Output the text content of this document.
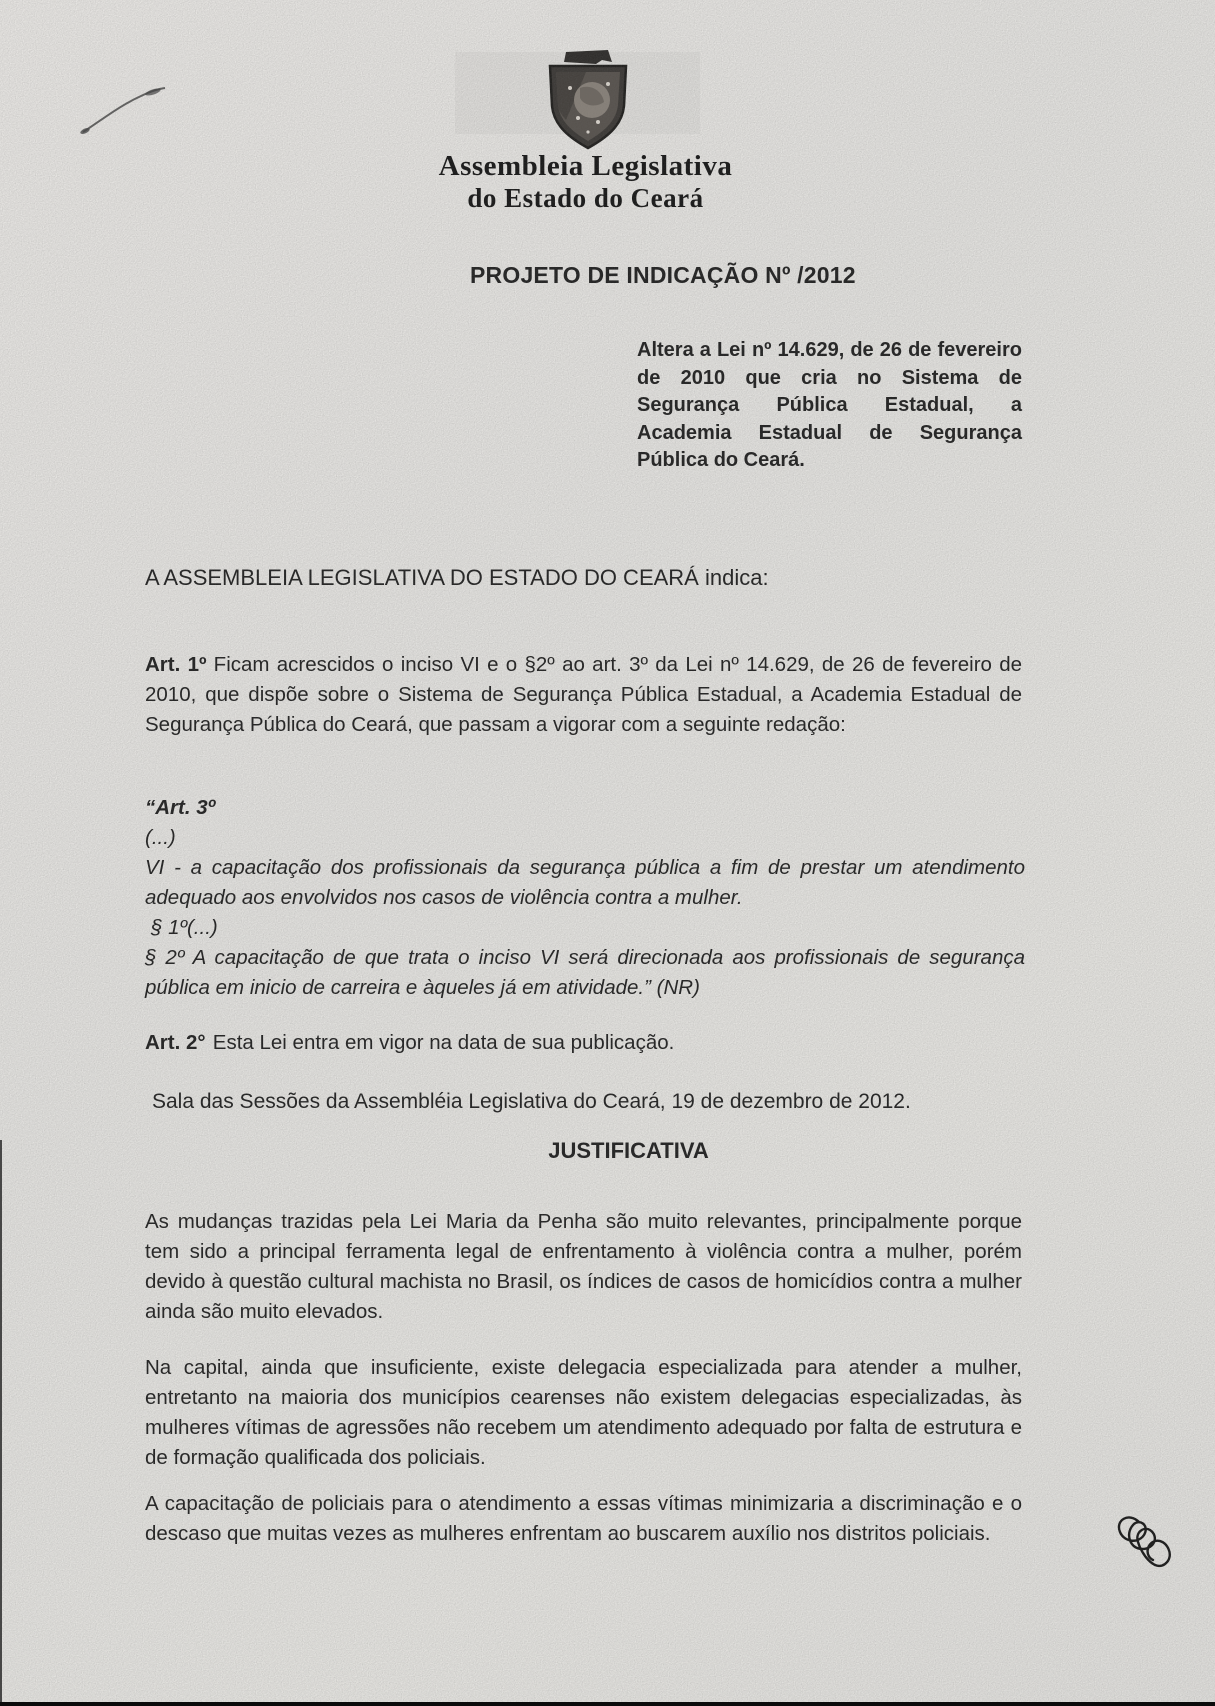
Assembleia Legislativa
do Estado do Ceará
PROJETO DE INDICAÇÃO Nº /2012
Altera a Lei nº 14.629, de 26 de fevereiro de 2010 que cria no Sistema de Segurança Pública Estadual, a Academia Estadual de Segurança Pública do Ceará.
A ASSEMBLEIA LEGISLATIVA DO ESTADO DO CEARÁ indica:

Art. 1º Ficam acrescidos o inciso VI e o §2º ao art. 3º da Lei nº 14.629, de 26 de fevereiro de 2010, que dispõe sobre o Sistema de Segurança Pública Estadual, a Academia Estadual de Segurança Pública do Ceará, que passam a vigorar com a seguinte redação:

“Art. 3º
(...)
VI - a capacitação dos profissionais da segurança pública a fim de prestar um atendimento adequado aos envolvidos nos casos de violência contra a mulher.
§ 1º(...)
§ 2º A capacitação de que trata o inciso VI será direcionada aos profissionais de segurança pública em inicio de carreira e àqueles já em atividade.” (NR)

Art. 2° Esta Lei entra em vigor na data de sua publicação.

Sala das Sessões da Assembléia Legislativa do Ceará, 19 de dezembro de 2012.
JUSTIFICATIVA

As mudanças trazidas pela Lei Maria da Penha são muito relevantes, principalmente porque tem sido a principal ferramenta legal de enfrentamento à violência contra a mulher, porém devido à questão cultural machista no Brasil, os índices de casos de homicídios contra a mulher ainda são muito elevados.

Na capital, ainda que insuficiente, existe delegacia especializada para atender a mulher, entretanto na maioria dos municípios cearenses não existem delegacias especializadas, às mulheres vítimas de agressões não recebem um atendimento adequado por falta de estrutura e de formação qualificada dos policiais.

A capacitação de policiais para o atendimento a essas vítimas minimizaria a discriminação e o descaso que muitas vezes as mulheres enfrentam ao buscarem auxílio nos distritos policiais.
